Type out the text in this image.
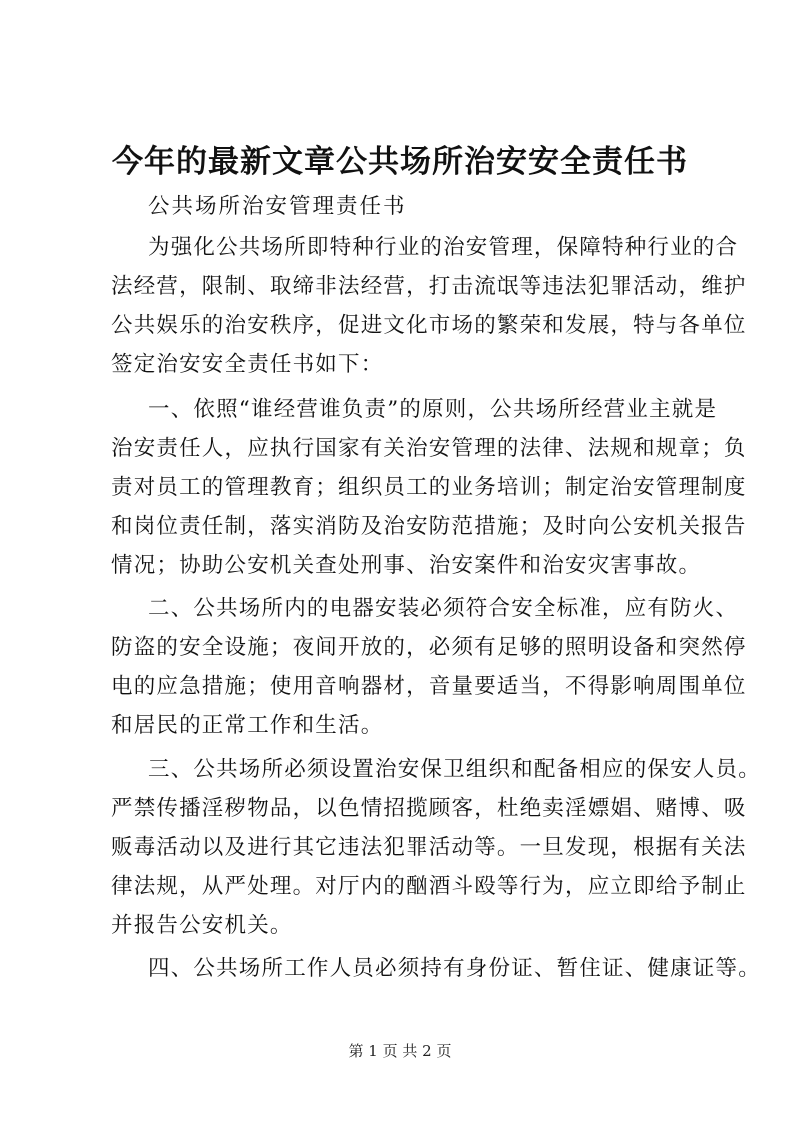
今年的最新文章公共场所治安安全责任书
公共场所治安管理责任书
为强化公共场所即特种行业的治安管理，保障特种行业的合
法经营，限制、取缔非法经营，打击流氓等违法犯罪活动，维护
公共娱乐的治安秩序，促进文化市场的繁荣和发展，特与各单位
签定治安安全责任书如下：
一、依照“谁经营谁负责”的原则，公共场所经营业主就是
治安责任人，应执行国家有关治安管理的法律、法规和规章；负
责对员工的管理教育；组织员工的业务培训；制定治安管理制度
和岗位责任制，落实消防及治安防范措施；及时向公安机关报告
情况；协助公安机关查处刑事、治安案件和治安灾害事故。
二、公共场所内的电器安装必须符合安全标准，应有防火、
防盗的安全设施；夜间开放的，必须有足够的照明设备和突然停
电的应急措施；使用音响器材，音量要适当，不得影响周围单位
和居民的正常工作和生活。
三、公共场所必须设置治安保卫组织和配备相应的保安人员。
严禁传播淫秽物品，以色情招揽顾客，杜绝卖淫嫖娼、赌博、吸
贩毒活动以及进行其它违法犯罪活动等。一旦发现，根据有关法
律法规，从严处理。对厅内的酗酒斗殴等行为，应立即给予制止
并报告公安机关。
四、公共场所工作人员必须持有身份证、暂住证、健康证等。
第 1 页 共 2 页
